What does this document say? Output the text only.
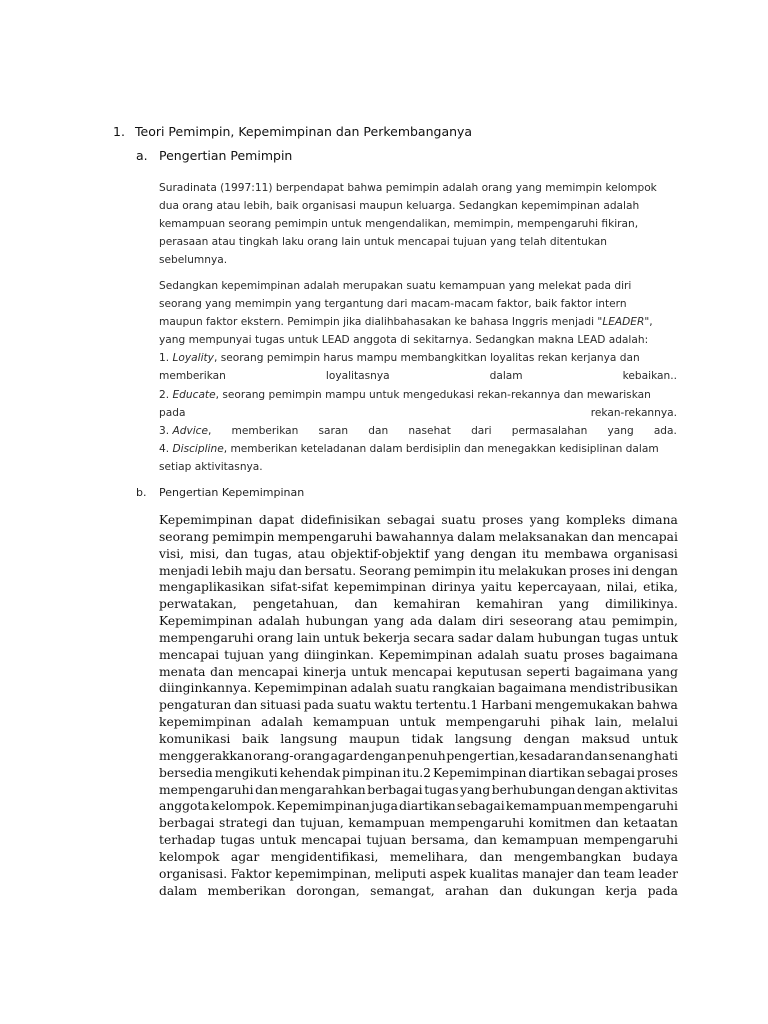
1. Teori Pemimpin, Kepemimpinan dan Perkembanganya
a. Pengertian Pemimpin
Suradinata (1997:11) berpendapat bahwa pemimpin adalah orang yang memimpin kelompok
dua orang atau lebih, baik organisasi maupun keluarga. Sedangkan kepemimpinan adalah
kemampuan seorang pemimpin untuk mengendalikan, memimpin, mempengaruhi fikiran,
perasaan atau tingkah laku orang lain untuk mencapai tujuan yang telah ditentukan
sebelumnya.
Sedangkan kepemimpinan adalah merupakan suatu kemampuan yang melekat pada diri
seorang yang memimpin yang tergantung dari macam-macam faktor, baik faktor intern
maupun faktor ekstern. Pemimpin jika dialihbahasakan ke bahasa Inggris menjadi "LEADER",
yang mempunyai tugas untuk LEAD anggota di sekitarnya. Sedangkan makna LEAD adalah:
1. Loyality, seorang pemimpin harus mampu membangkitkan loyalitas rekan kerjanya dan
memberikan	loyalitasnya	dalam	kebaikan..
2. Educate, seorang pemimpin mampu untuk mengedukasi rekan-rekannya dan mewariskan
pada	rekan-rekannya.
3. Advice, memberikan saran dan nasehat dari permasalahan yang ada.
4. Discipline, memberikan keteladanan dalam berdisiplin dan menegakkan kedisiplinan dalam
setiap aktivitasnya.
b. Pengertian Kepemimpinan
Kepemimpinan dapat didefinisikan sebagai suatu proses yang kompleks dimana
seorang pemimpin mempengaruhi bawahannya dalam melaksanakan dan mencapai
visi, misi, dan tugas, atau objektif-objektif yang dengan itu membawa organisasi
menjadi lebih maju dan bersatu. Seorang pemimpin itu melakukan proses ini dengan
mengaplikasikan sifat-sifat kepemimpinan dirinya yaitu kepercayaan, nilai, etika,
perwatakan, pengetahuan, dan kemahiran kemahiran yang dimilikinya.
Kepemimpinan adalah hubungan yang ada dalam diri seseorang atau pemimpin,
mempengaruhi orang lain untuk bekerja secara sadar dalam hubungan tugas untuk
mencapai tujuan yang diinginkan. Kepemimpinan adalah suatu proses bagaimana
menata dan mencapai kinerja untuk mencapai keputusan seperti bagaimana yang
diinginkannya. Kepemimpinan adalah suatu rangkaian bagaimana mendistribusikan
pengaturan dan situasi pada suatu waktu tertentu.1 Harbani mengemukakan bahwa
kepemimpinan adalah kemampuan untuk mempengaruhi pihak lain, melalui
komunikasi baik langsung maupun tidak langsung dengan maksud untuk
menggerakkan orang-orang agar dengan penuh pengertian, kesadaran dan senang hati
bersedia mengikuti kehendak pimpinan itu.2 Kepemimpinan diartikan sebagai proses
mempengaruhi dan mengarahkan berbagai tugas yang berhubungan dengan aktivitas
anggota kelompok. Kepemimpinan juga diartikan sebagai kemampuan mempengaruhi
berbagai strategi dan tujuan, kemampuan mempengaruhi komitmen dan ketaatan
terhadap tugas untuk mencapai tujuan bersama, dan kemampuan mempengaruhi
kelompok agar mengidentifikasi, memelihara, dan mengembangkan budaya
organisasi. Faktor kepemimpinan, meliputi aspek kualitas manajer dan team leader
dalam memberikan dorongan, semangat, arahan dan dukungan kerja pada
